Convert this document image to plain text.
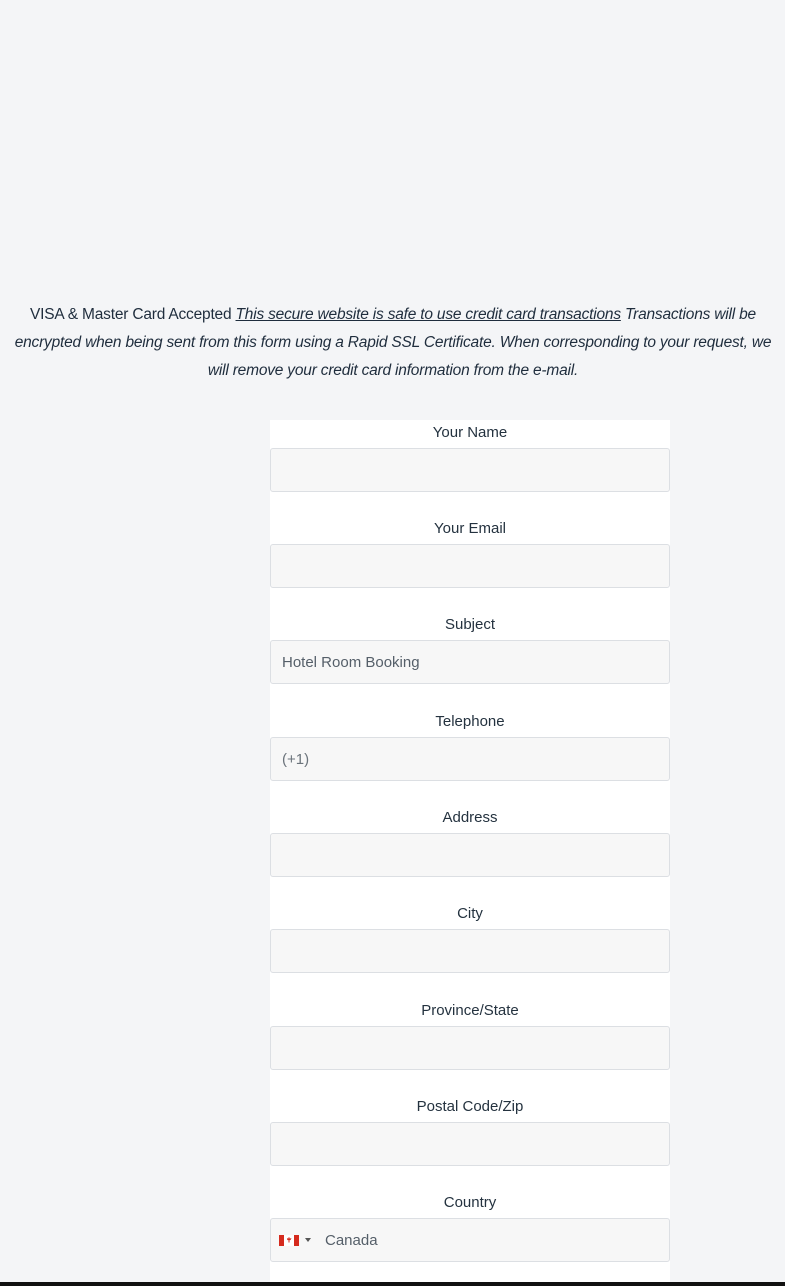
VISA & Master Card Accepted This secure website is safe to use credit card transactions Transactions will be encrypted when being sent from this form using a Rapid SSL Certificate. When corresponding to your request, we will remove your credit card information from the e-mail.
Your Name
Your Email
Subject
Hotel Room Booking
Telephone
(+1)
Address
City
Province/State
Postal Code/Zip
Country
Canada
